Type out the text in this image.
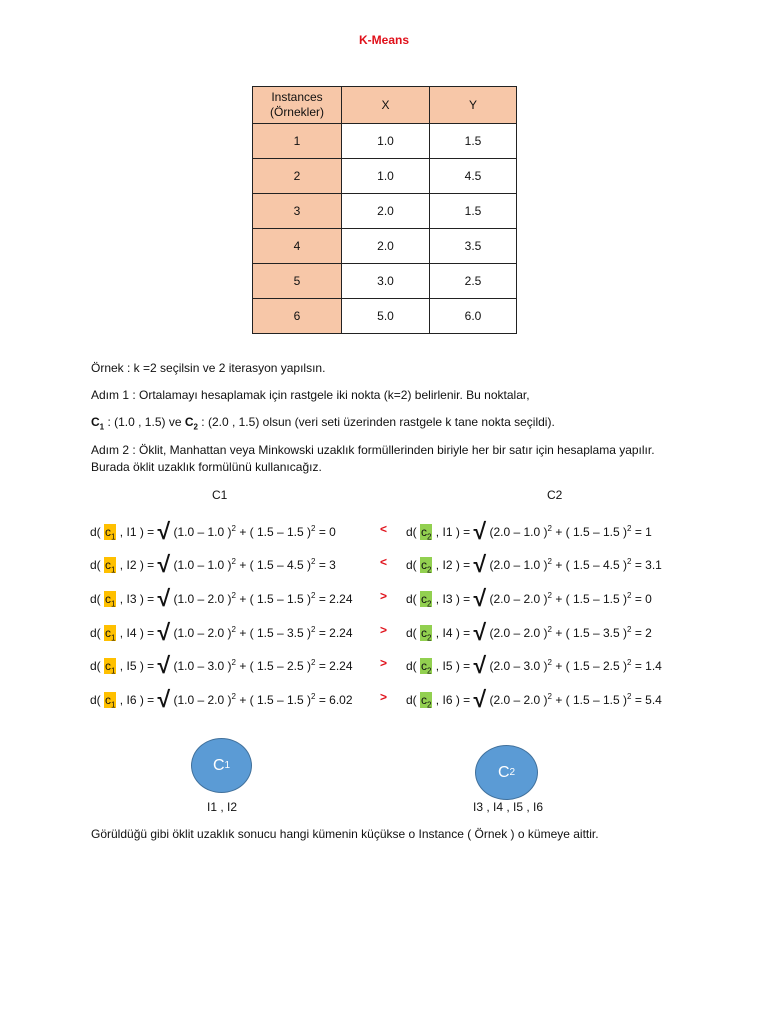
K-Means
Instances
(Örnekler)	X	Y
1	1.0	1.5
2	1.0	4.5
3	2.0	1.5
4	2.0	3.5
5	3.0	2.5
6	5.0	6.0
Örnek : k =2 seçilsin ve 2 iterasyon yapılsın.
Adım 1 : Ortalamayı hesaplamak için rastgele iki nokta (k=2) belirlenir. Bu noktalar,
$C_1$ : (1.0 , 1.5) ve $C_2$ : (2.0 , 1.5) olsun (veri seti üzerinden rastgele k tane nokta seçildi).
Adım 2 : Öklit, Manhattan veya Minkowski uzaklık formüllerinden biriyle her bir satır için hesaplama yapılır. Burada öklit uzaklık formülünü kullanıcağız.
C1	C2
d( $c_1$ , I1 ) = √ (1.0 – 1.0 )$^2$ + ( 1.5 – 1.5 )$^2$ = 0	< d( $c_2$ , I1 ) = √ (2.0 – 1.0 )$^2$ + ( 1.5 – 1.5 )$^2$ = 1
d( $c_1$ , I2 ) = √ (1.0 – 1.0 )$^2$ + ( 1.5 – 4.5 )$^2$ = 3	< d( $c_2$ , I2 ) = √ (2.0 – 1.0 )$^2$ + ( 1.5 – 4.5 )$^2$ = 3.1
d( $c_1$ , I3 ) = √ (1.0 – 2.0 )$^2$ + ( 1.5 – 1.5 )$^2$ = 2.24 > d( $c_2$ , I3 ) = √ (2.0 – 2.0 )$^2$ + ( 1.5 – 1.5 )$^2$ = 0
d( $c_1$ , I4 ) = √ (1.0 – 2.0 )$^2$ + ( 1.5 – 3.5 )$^2$ = 2.24 > d( $c_2$ , I4 ) = √ (2.0 – 2.0 )$^2$ + ( 1.5 – 3.5 )$^2$ = 2
d( $c_1$ , I5 ) = √ (1.0 – 3.0 )$^2$ + ( 1.5 – 2.5 )$^2$ = 2.24 > d( $c_2$ , I5 ) = √ (2.0 – 3.0 )$^2$ + ( 1.5 – 2.5 )$^2$ = 1.4
d( $c_1$ , I6 ) = √ (1.0 – 2.0 )$^2$ + ( 1.5 – 1.5 )$^2$ = 6.02 > d( $c_2$ , I6 ) = √ (2.0 – 2.0 )$^2$ + ( 1.5 – 1.5 )$^2$ = 5.4
C 1	C 2
I1 , I2	I3 , I4 , I5 , I6
Görüldüğü gibi öklit uzaklık sonucu hangi kümenin küçükse o Instance ( Örnek ) o kümeye aittir.
